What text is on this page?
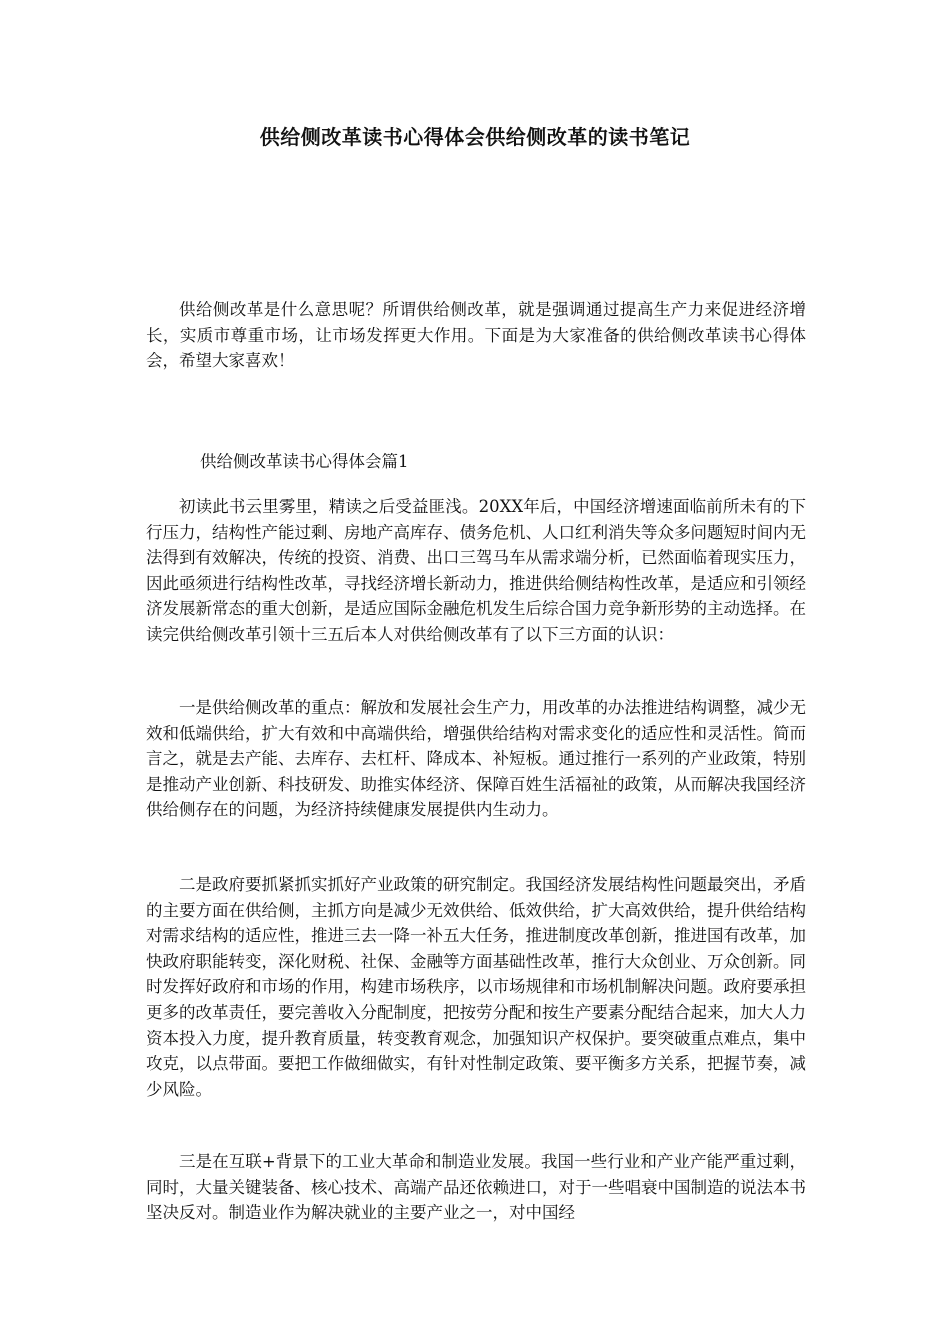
供给侧改革读书心得体会供给侧改革的读书笔记

供给侧改革是什么意思呢？所谓供给侧改革，就是强调通过提高生产力来促进经济增长，实质市尊重市场，让市场发挥更大作用。下面是为大家准备的供给侧改革读书心得体会，希望大家喜欢！

供给侧改革读书心得体会篇1

初读此书云里雾里，精读之后受益匪浅。20XX年后，中国经济增速面临前所未有的下行压力，结构性产能过剩、房地产高库存、债务危机、人口红利消失等众多问题短时间内无法得到有效解决，传统的投资、消费、出口三驾马车从需求端分析，已然面临着现实压力，因此亟须进行结构性改革，寻找经济增长新动力，推进供给侧结构性改革，是适应和引领经济发展新常态的重大创新，是适应国际金融危机发生后综合国力竞争新形势的主动选择。在读完供给侧改革引领十三五后本人对供给侧改革有了以下三方面的认识：

一是供给侧改革的重点：解放和发展社会生产力，用改革的办法推进结构调整，减少无效和低端供给，扩大有效和中高端供给，增强供给结构对需求变化的适应性和灵活性。简而言之，就是去产能、去库存、去杠杆、降成本、补短板。通过推行一系列的产业政策，特别是推动产业创新、科技研发、助推实体经济、保障百姓生活福祉的政策，从而解决我国经济供给侧存在的问题，为经济持续健康发展提供内生动力。

二是政府要抓紧抓实抓好产业政策的研究制定。我国经济发展结构性问题最突出，矛盾的主要方面在供给侧，主抓方向是减少无效供给、低效供给，扩大高效供给，提升供给结构对需求结构的适应性，推进三去一降一补五大任务，推进制度改革创新，推进国有改革，加快政府职能转变，深化财税、社保、金融等方面基础性改革，推行大众创业、万众创新。同时发挥好政府和市场的作用，构建市场秩序，以市场规律和市场机制解决问题。政府要承担更多的改革责任，要完善收入分配制度，把按劳分配和按生产要素分配结合起来，加大人力资本投入力度，提升教育质量，转变教育观念，加强知识产权保护。要突破重点难点，集中攻克，以点带面。要把工作做细做实，有针对性制定政策、要平衡多方关系，把握节奏，减少风险。

三是在互联+背景下的工业大革命和制造业发展。我国一些行业和产业产能严重过剩，同时，大量关键装备、核心技术、高端产品还依赖进口，对于一些唱衰中国制造的说法本书坚决反对。制造业作为解决就业的主要产业之一，对中国经
